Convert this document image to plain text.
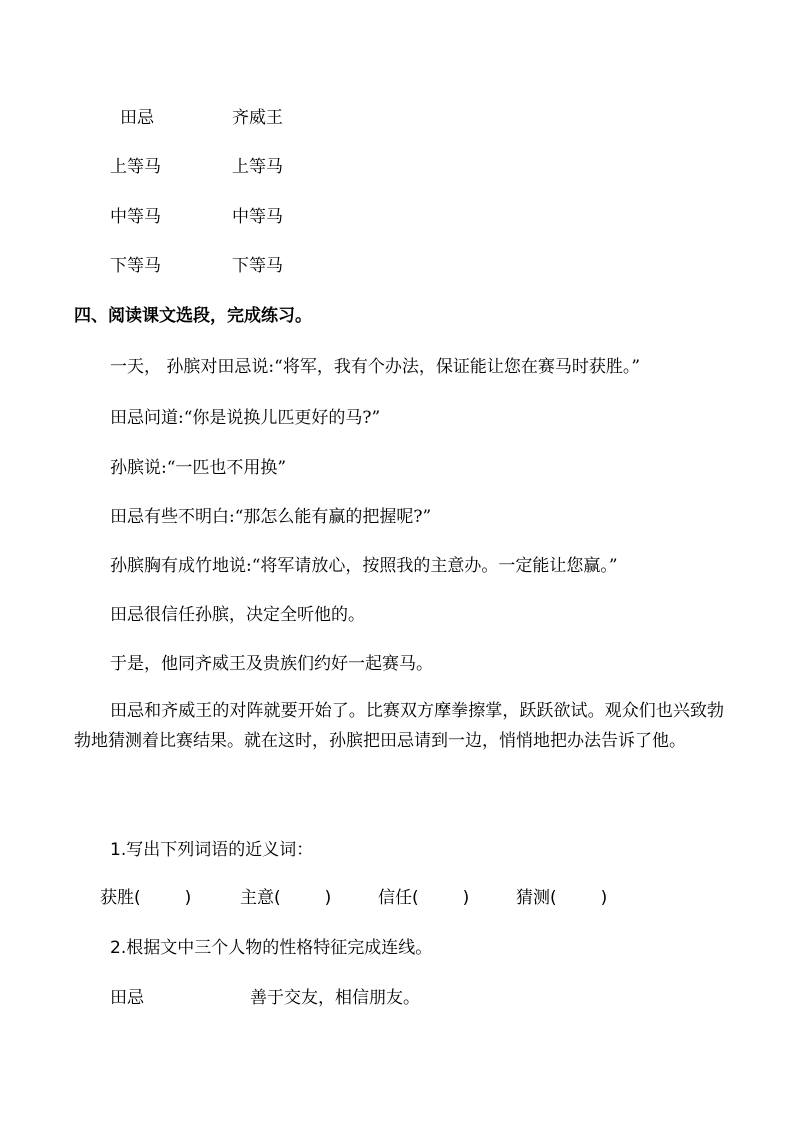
田忌	齐威王
上等马	上等马
中等马	中等马
下等马	下等马
四、阅读课文选段，完成练习。
一天， 孙膑对田忌说:“将军，我有个办法，保证能让您在赛马时获胜。”
田忌问道:“你是说换儿匹更好的马?”
孙膑说:“一匹也不用换”
田忌有些不明白:“那怎么能有赢的把握呢?”
孙膑胸有成竹地说:“将军请放心，按照我的主意办。一定能让您赢。”
田忌很信任孙膑，决定全听他的。
于是，他同齐威王及贵族们约好一起赛马。
田忌和齐威王的对阵就要开始了。比赛双方摩拳擦掌，跃跃欲试。观众们也兴致勃勃地猜测着比赛结果。就在这时，孙膑把田忌请到一边，悄悄地把办法告诉了他。
1.写出下列词语的近义词：
获胜(	)	主意(	)	信任(	)	猜测(	)
2.根据文中三个人物的性格特征完成连线。
田忌	善于交友，相信朋友。
